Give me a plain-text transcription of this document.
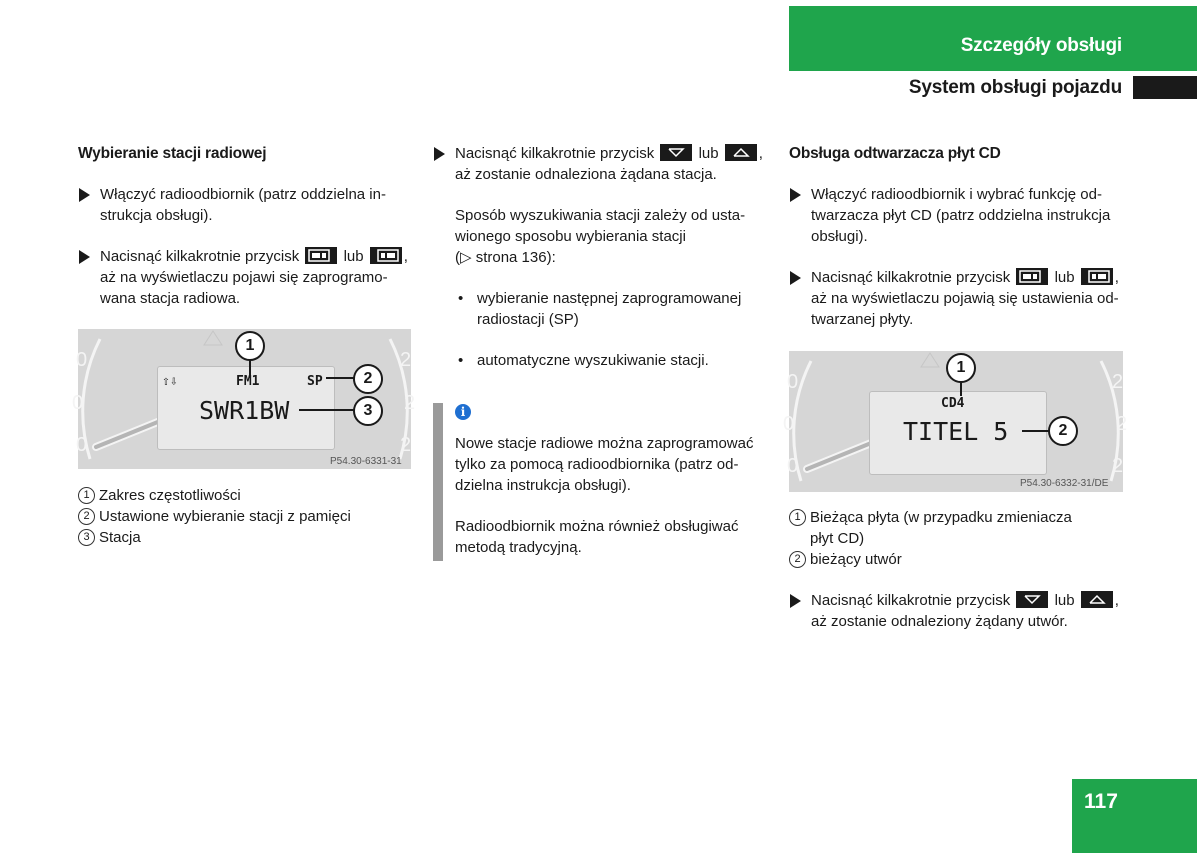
Szczegóły obsługi
System obsługi pojazdu
Wybieranie stacji radiowej
Włączyć radioodbiornik (patrz oddzielna in-
strukcja obsługi).
Nacisnąć kilkakrotnie przycisk	lub	,
aż na wyświetlaczu pojawi się zaprogramo-
wana stacja radiowa.
0
0
0
2
2
2
⇧⇩	FM1	SP
SWR1BW
1
2
3
P54.30-6331-31
1 Zakres częstotliwości
2 Ustawione wybieranie stacji z pamięci
3 Stacja
Nacisnąć kilkakrotnie przycisk	lub	,
aż zostanie odnaleziona żądana stacja.
Sposób wyszukiwania stacji zależy od usta-
wionego sposobu wybierania stacji
(▷ strona 136):
• wybieranie następnej zaprogramowanej
radiostacji (SP)
• automatyczne wyszukiwanie stacji.
i
Nowe stacje radiowe można zaprogramować
tylko za pomocą radioodbiornika (patrz od-
dzielna instrukcja obsługi).
Radioodbiornik można również obsługiwać
metodą tradycyjną.
Obsługa odtwarzacza płyt CD
Włączyć radioodbiornik i wybrać funkcję od-
twarzacza płyt CD (patrz oddzielna instrukcja
obsługi).
Nacisnąć kilkakrotnie przycisk	lub	,
aż na wyświetlaczu pojawią się ustawienia od-
twarzanej płyty.
0
0
0
2
2
2
CD4
TITEL 5
1
2
P54.30-6332-31/DE
1 Bieżąca płyta (w przypadku zmieniacza
płyt CD)
2 bieżący utwór
Nacisnąć kilkakrotnie przycisk	lub	,
aż zostanie odnaleziony żądany utwór.
117
